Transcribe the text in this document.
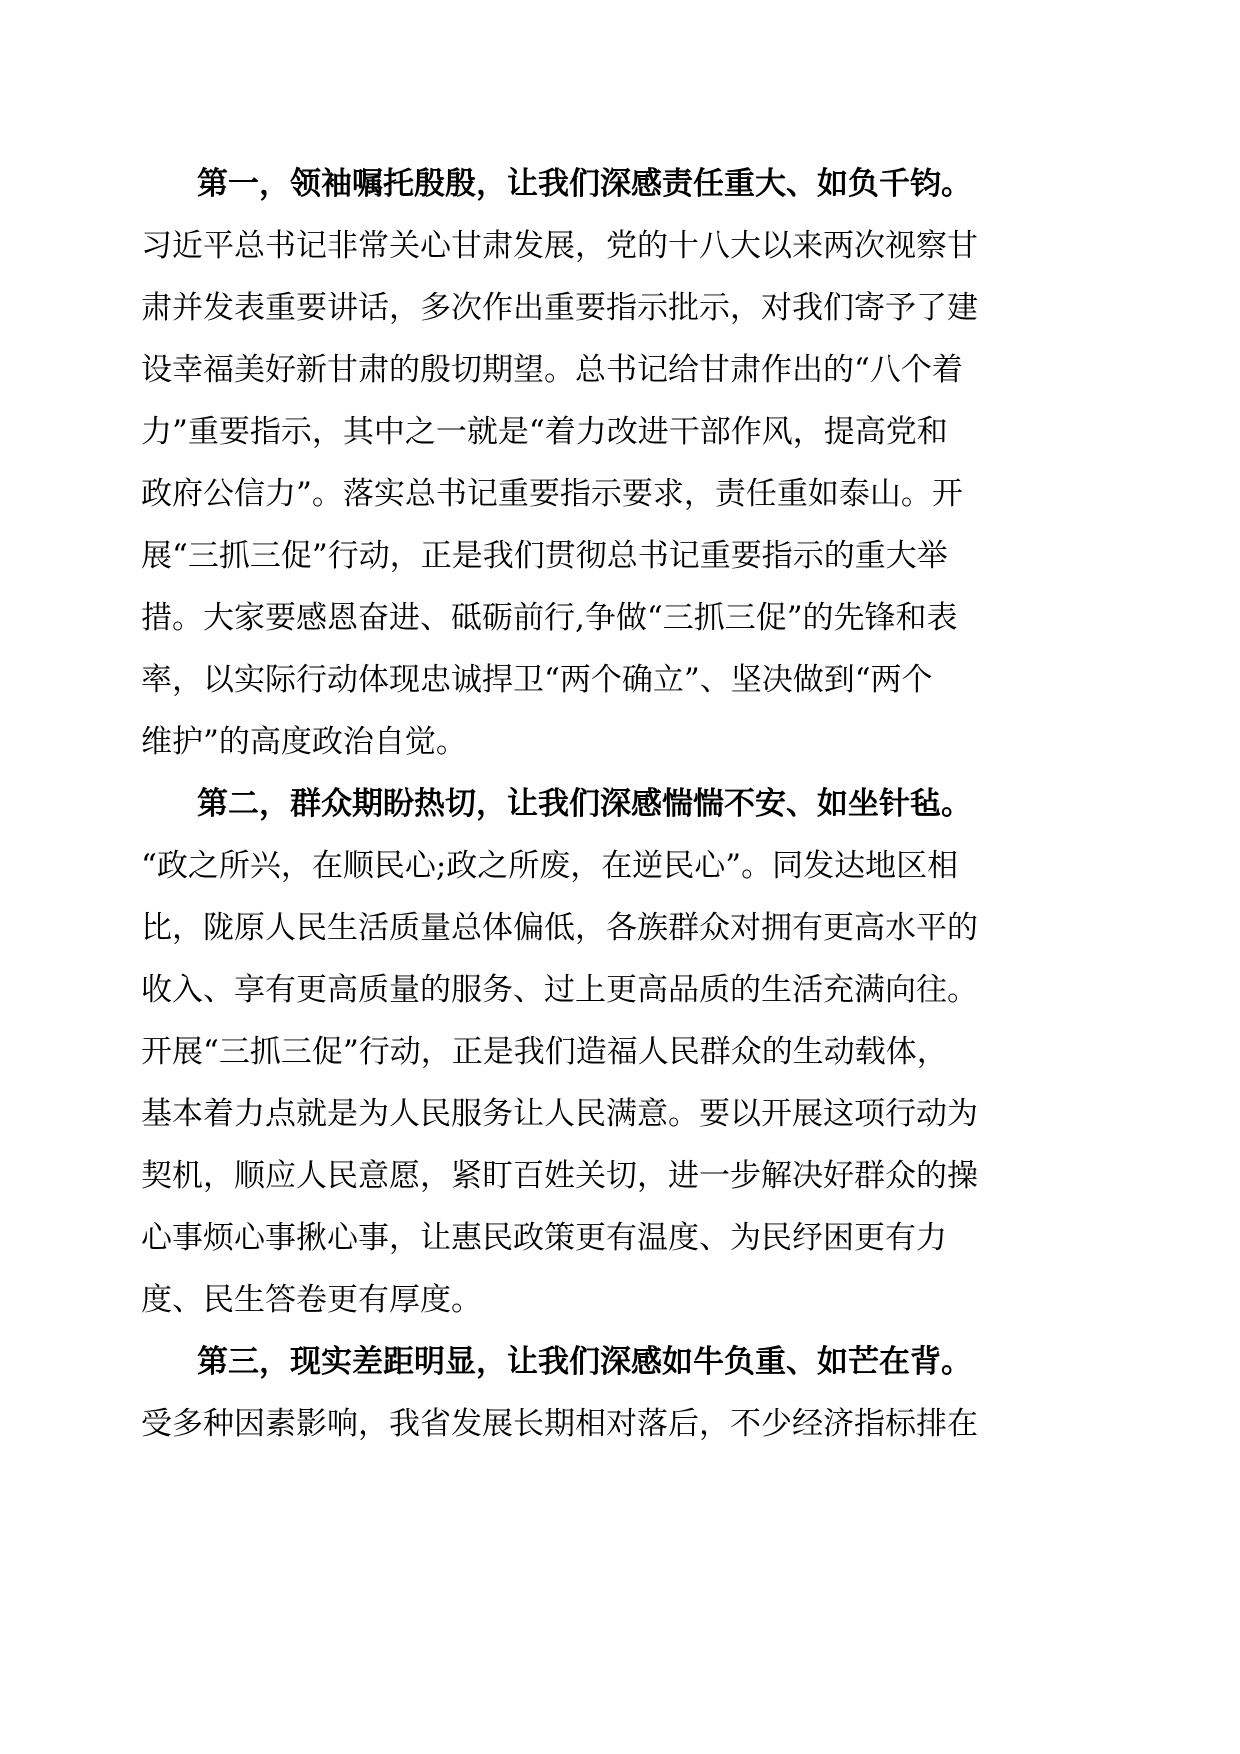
第一，领袖嘱托殷殷，让我们深感责任重大、如负千钧。
习近平总书记非常关心甘肃发展，党的十八大以来两次视察甘
肃并发表重要讲话，多次作出重要指示批示，对我们寄予了建
设幸福美好新甘肃的殷切期望。总书记给甘肃作出的“八个着
力”重要指示，其中之一就是“着力改进干部作风，提高党和
政府公信力”。落实总书记重要指示要求，责任重如泰山。开
展“三抓三促”行动，正是我们贯彻总书记重要指示的重大举
措。大家要感恩奋进、砥砺前行,争做“三抓三促”的先锋和表
率，以实际行动体现忠诚捍卫“两个确立”、坚决做到“两个
维护”的高度政治自觉。
第二，群众期盼热切，让我们深感惴惴不安、如坐针毡。
“政之所兴，在顺民心;政之所废，在逆民心”。同发达地区相
比，陇原人民生活质量总体偏低，各族群众对拥有更高水平的
收入、享有更高质量的服务、过上更高品质的生活充满向往。
开展“三抓三促”行动，正是我们造福人民群众的生动载体，
基本着力点就是为人民服务让人民满意。要以开展这项行动为
契机，顺应人民意愿，紧盯百姓关切，进一步解决好群众的操
心事烦心事揪心事，让惠民政策更有温度、为民纾困更有力
度、民生答卷更有厚度。
第三，现实差距明显，让我们深感如牛负重、如芒在背。
受多种因素影响，我省发展长期相对落后，不少经济指标排在
